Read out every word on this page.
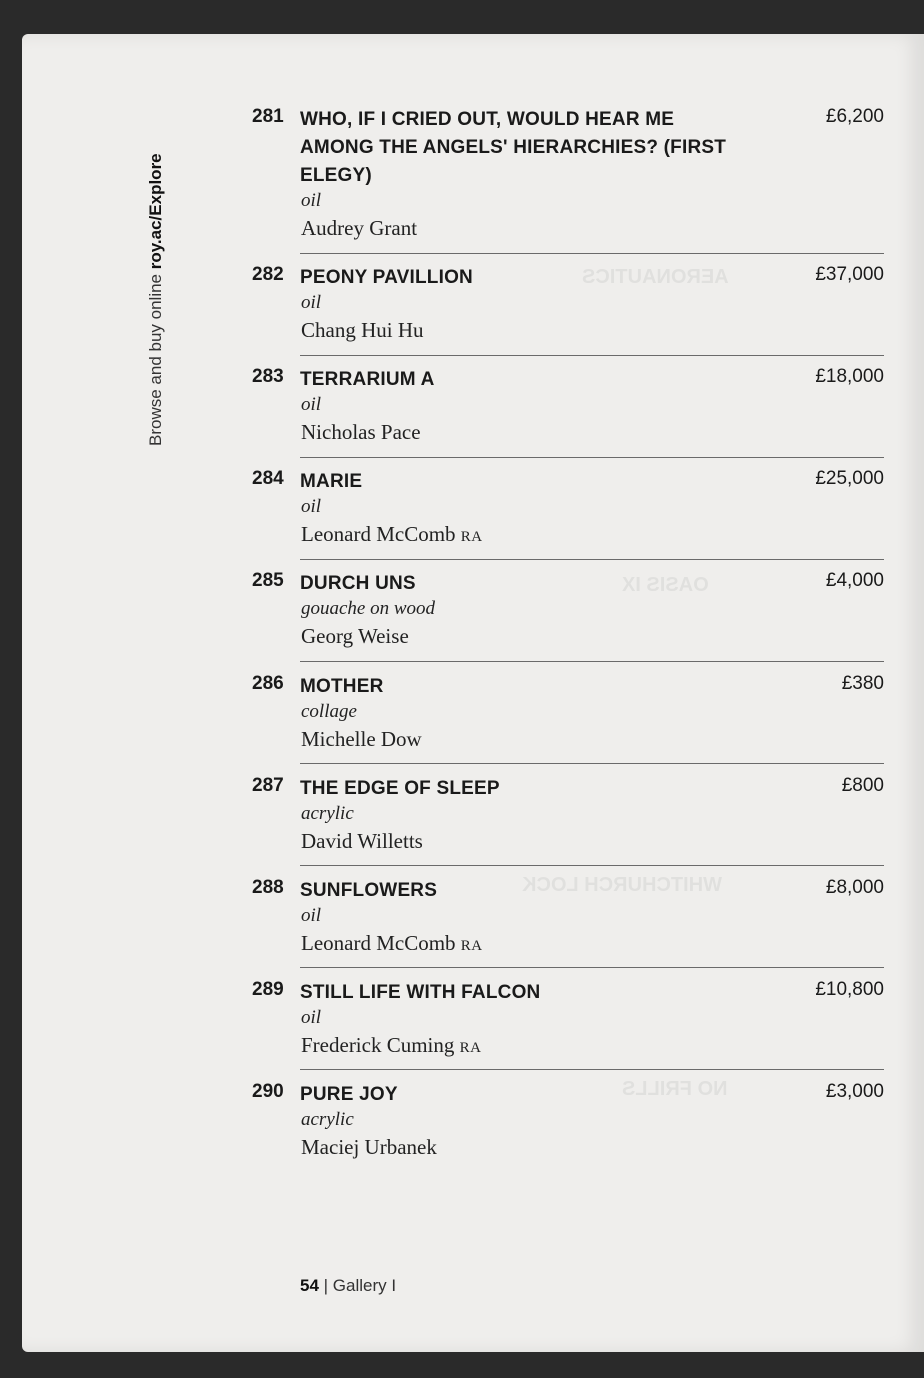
AERONAUTICS
OASIS IX
WHITCHURCH LOCK
NO FRILLS
Browse and buy online roy.ac/Explore
281 WHO, IF I CRIED OUT, WOULD HEAR ME AMONG THE ANGELS' HIERARCHIES? (FIRST ELEGY)
£6,200
oil
Audrey Grant
282 PEONY PAVILLION	£37,000
oil
Chang Hui Hu
283 TERRARIUM A	£18,000
oil
Nicholas Pace
284 MARIE	£25,000
oil
Leonard McComb RA
285 DURCH UNS	£4,000
gouache on wood
Georg Weise
286 MOTHER	£380
collage
Michelle Dow
287 THE EDGE OF SLEEP	£800
acrylic
David Willetts
288 SUNFLOWERS	£8,000
oil
Leonard McComb RA
289 STILL LIFE WITH FALCON	£10,800
oil
Frederick Cuming RA
290 PURE JOY	£3,000
acrylic
Maciej Urbanek
54 | Gallery I
